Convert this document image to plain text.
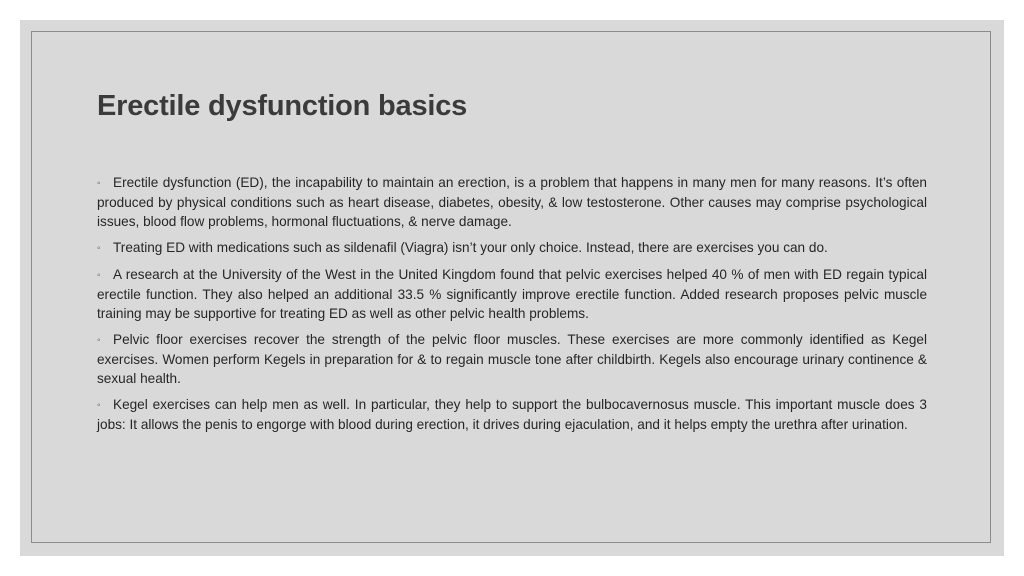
Erectile dysfunction basics
◦ Erectile dysfunction (ED), the incapability to maintain an erection, is a problem that happens in many men for many reasons. It’s often produced by physical conditions such as heart disease, diabetes, obesity, & low testosterone. Other causes may comprise psychological issues, blood flow problems, hormonal fluctuations, & nerve damage.
◦ Treating ED with medications such as sildenafil (Viagra) isn’t your only choice. Instead, there are exercises you can do.
◦ A research at the University of the West in the United Kingdom found that pelvic exercises helped 40 % of men with ED regain typical erectile function. They also helped an additional 33.5 % significantly improve erectile function. Added research proposes pelvic muscle training may be supportive for treating ED as well as other pelvic health problems.
◦ Pelvic floor exercises recover the strength of the pelvic floor muscles. These exercises are more commonly identified as Kegel exercises. Women perform Kegels in preparation for & to regain muscle tone after childbirth. Kegels also encourage urinary continence & sexual health.
◦ Kegel exercises can help men as well. In particular, they help to support the bulbocavernosus muscle. This important muscle does 3 jobs: It allows the penis to engorge with blood during erection, it drives during ejaculation, and it helps empty the urethra after urination.
